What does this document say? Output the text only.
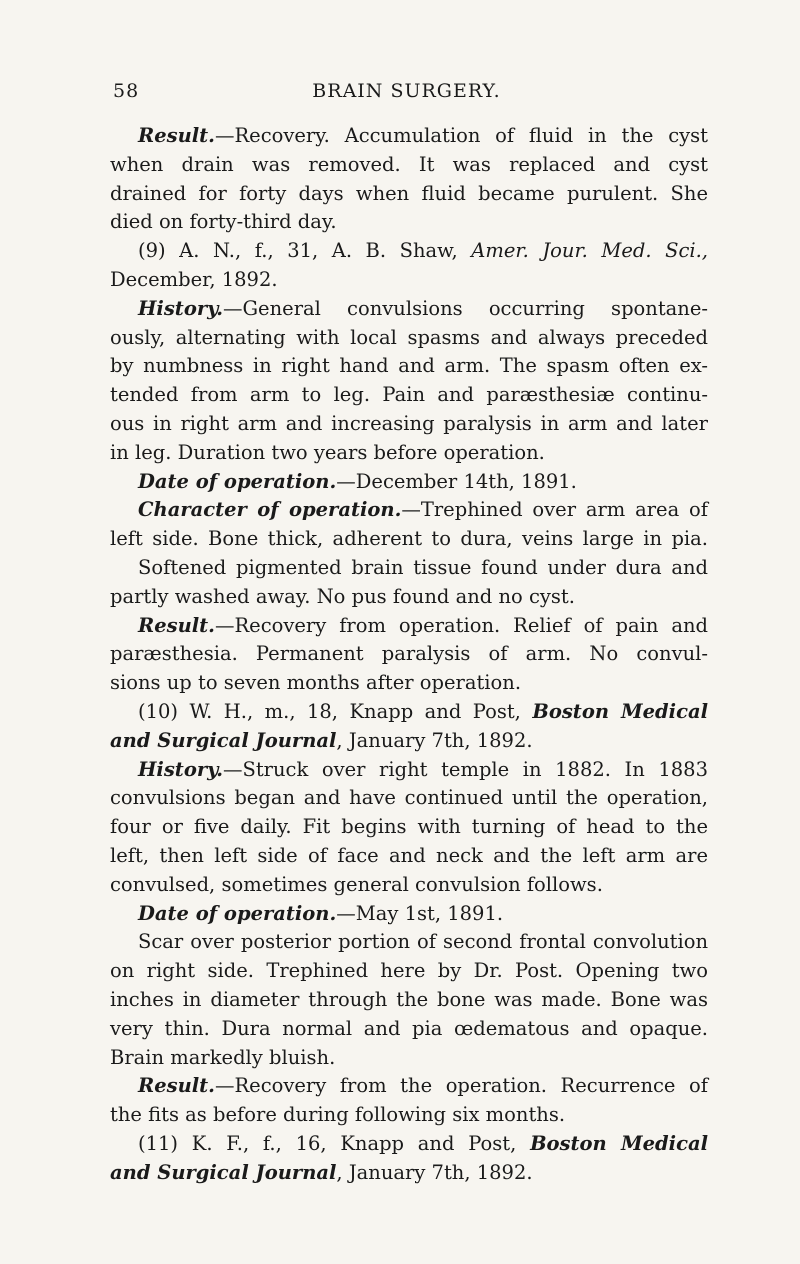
58	BRAIN SURGERY.
Result.—Recovery. Accumulation of fluid in the cyst
when drain was removed. It was replaced and cyst
drained for forty days when fluid became purulent. She
died on forty-third day.
(9) A. N., f., 31, A. B. Shaw, Amer. Jour. Med. Sci.,
December, 1892.
History.—General convulsions occurring spontane-
ously, alternating with local spasms and always preceded
by numbness in right hand and arm. The spasm often ex-
tended from arm to leg. Pain and paræsthesiæ continu-
ous in right arm and increasing paralysis in arm and later
in leg. Duration two years before operation.
Date of operation.—December 14th, 1891.
Character of operation.—Trephined over arm area of
left side. Bone thick, adherent to dura, veins large in pia.
Softened pigmented brain tissue found under dura and
partly washed away. No pus found and no cyst.
Result.—Recovery from operation. Relief of pain and
paræsthesia. Permanent paralysis of arm. No convul-
sions up to seven months after operation.
(10) W. H., m., 18, Knapp and Post, Boston Medical
and Surgical Journal, January 7th, 1892.
History.—Struck over right temple in 1882. In 1883
convulsions began and have continued until the operation,
four or five daily. Fit begins with turning of head to the
left, then left side of face and neck and the left arm are
convulsed, sometimes general convulsion follows.
Date of operation.—May 1st, 1891.
Scar over posterior portion of second frontal convolution
on right side. Trephined here by Dr. Post. Opening two
inches in diameter through the bone was made. Bone was
very thin. Dura normal and pia œdematous and opaque.
Brain markedly bluish.
Result.—Recovery from the operation. Recurrence of
the fits as before during following six months.
(11) K. F., f., 16, Knapp and Post, Boston Medical
and Surgical Journal, January 7th, 1892.
